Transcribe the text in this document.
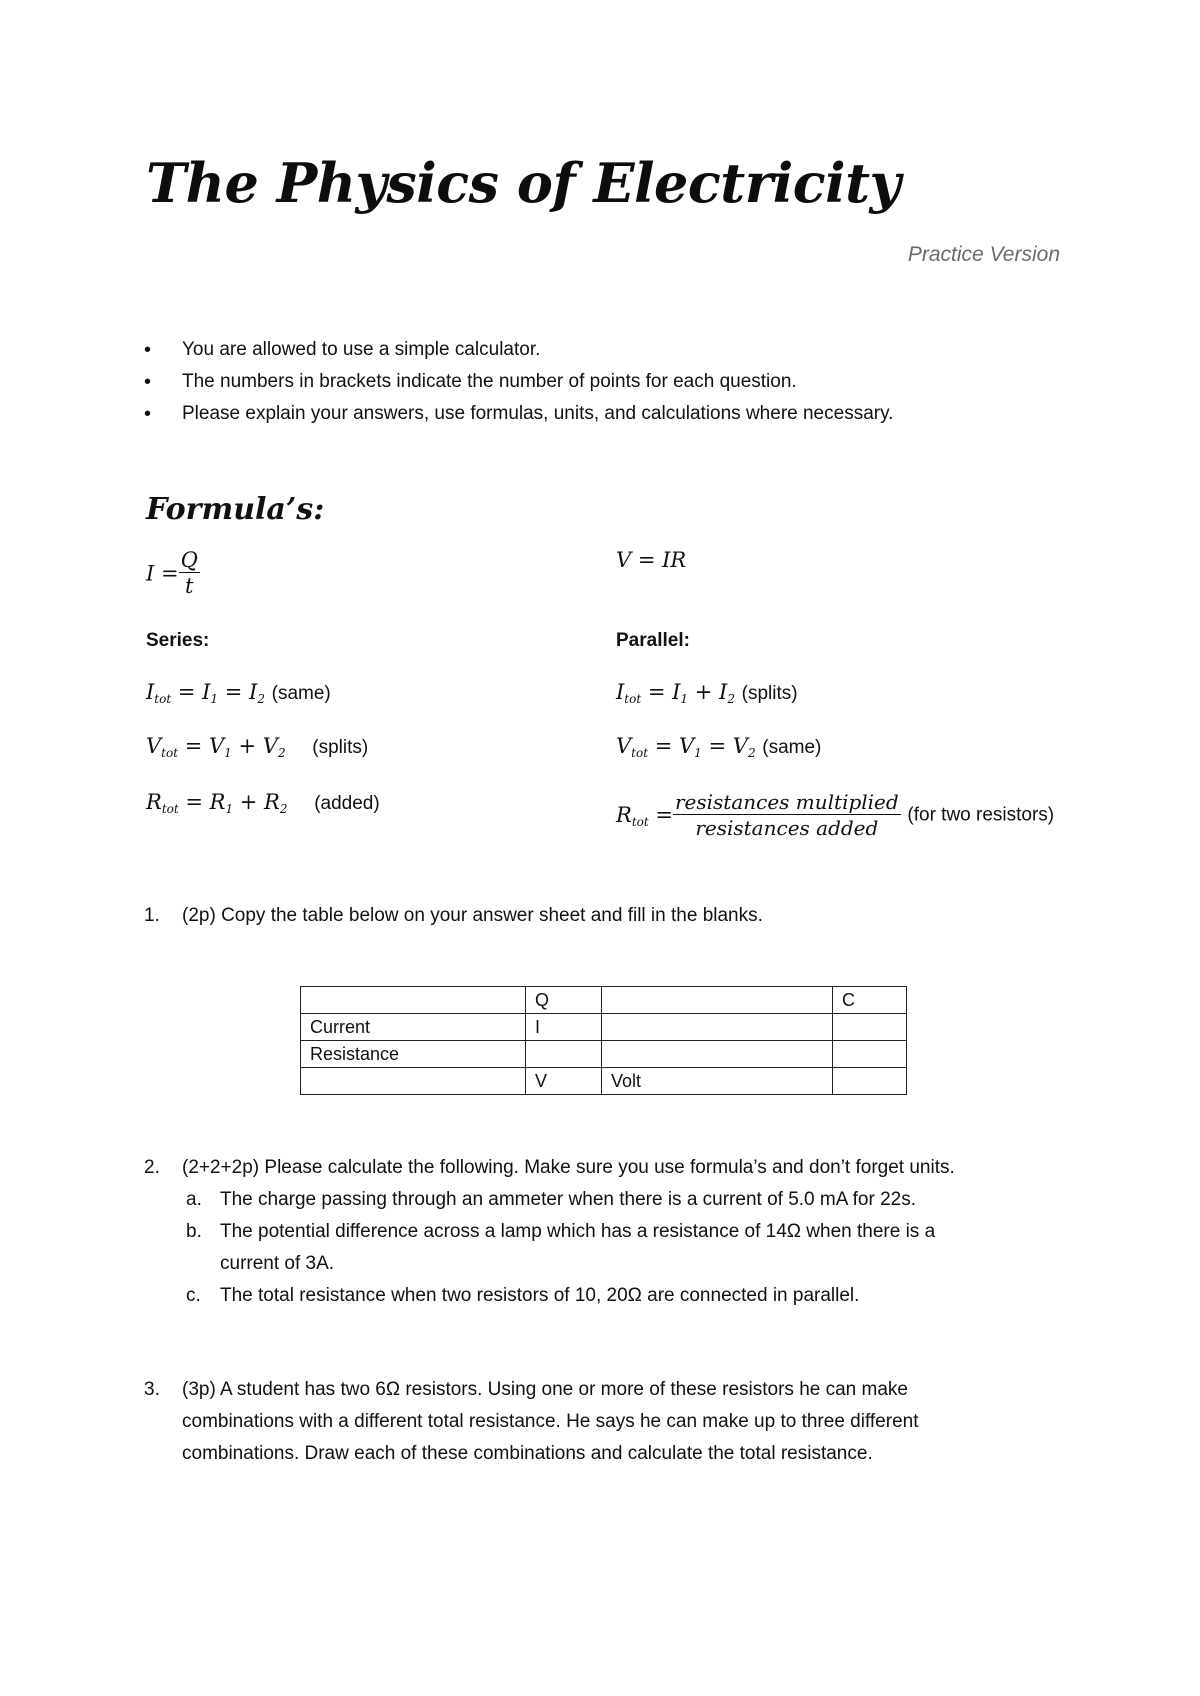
The Physics of Electricity
Practice Version
• You are allowed to use a simple calculator.
• The numbers in brackets indicate the number of points for each question.
• Please explain your answers, use formulas, units, and calculations where necessary.
Formula’s:
$I = \frac{Q}{t}$	V = IR
Series:	Parallel:
$I_{tot} = I_1 = I_2$ (same)
$V_{tot} = V_1 + V_2$ (splits)
$R_{tot} = R_1 + R_2$ (added)
$I_{tot} = I_1 + I_2$ (splits)
$V_{tot} = V_1 = V_2$ (same)
$R_{tot} = \frac{\text{resistances multiplied}}{\text{resistances added}} (for$ two resistors)
1. (2p) Copy the table below on your answer sheet and fill in the blanks.
	Q		C
Current	I		
Resistance			
	V	Volt	
2. (2+2+2p) Please calculate the following. Make sure you use formula’s and don’t forget units.
a. The charge passing through an ammeter when there is a current of 5.0 mA for 22s.
b. The potential difference across a lamp which has a resistance of 14Ω when there is a
current of 3A.
c. The total resistance when two resistors of 10, 20Ω are connected in parallel.
3. (3p) A student has two 6Ω resistors. Using one or more of these resistors he can make
combinations with a different total resistance. He says he can make up to three different
combinations. Draw each of these combinations and calculate the total resistance.
